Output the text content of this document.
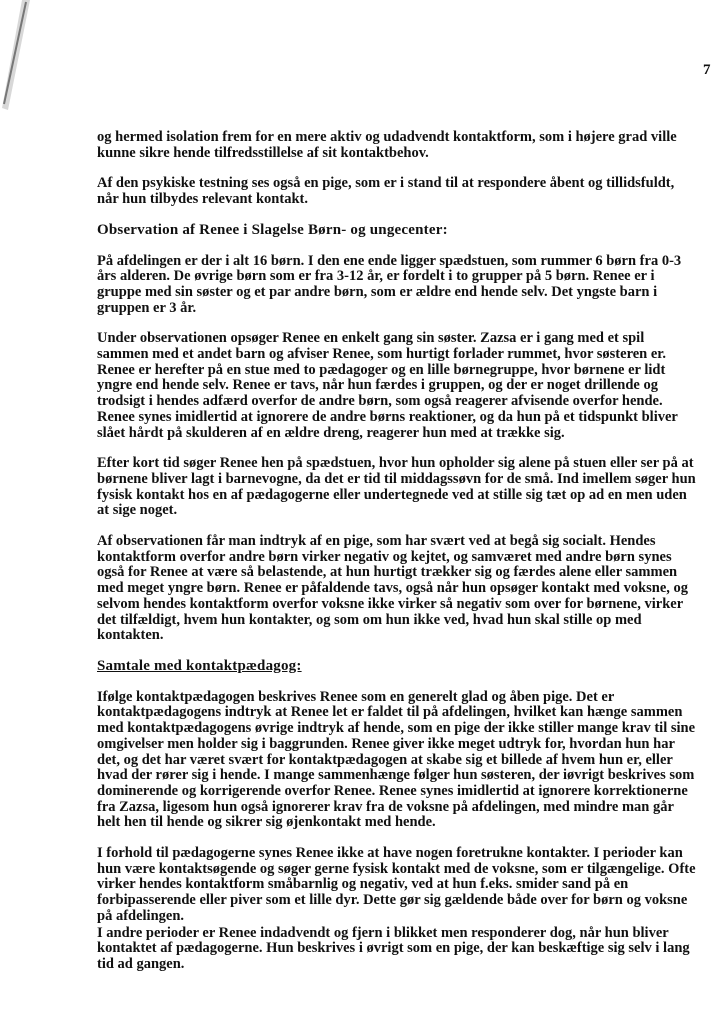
7

og hermed isolation frem for en mere aktiv og udadvendt kontaktform, som i højere grad ville kunne sikre hende tilfredsstillelse af sit kontaktbehov.

Af den psykiske testning ses også en pige, som er i stand til at respondere åbent og tillidsfuldt, når hun tilbydes relevant kontakt.

Observation af Renee i Slagelse Børn- og ungecenter:

På afdelingen er der i alt 16 børn. I den ene ende ligger spædstuen, som rummer 6 børn fra 0-3 års alderen. De øvrige børn som er fra 3-12 år, er fordelt i to grupper på 5 børn. Renee er i gruppe med sin søster og et par andre børn, som er ældre end hende selv. Det yngste barn i gruppen er 3 år.

Under observationen opsøger Renee en enkelt gang sin søster. Zazsa er i gang med et spil sammen med et andet barn og afviser Renee, som hurtigt forlader rummet, hvor søsteren er. Renee er herefter på en stue med to pædagoger og en lille børnegruppe, hvor børnene er lidt yngre end hende selv. Renee er tavs, når hun færdes i gruppen, og der er noget drillende og trodsigt i hendes adfærd overfor de andre børn, som også reagerer afvisende overfor hende. Renee synes imidlertid at ignorere de andre børns reaktioner, og da hun på et tidspunkt bliver slået hårdt på skulderen af en ældre dreng, reagerer hun med at trække sig.

Efter kort tid søger Renee hen på spædstuen, hvor hun opholder sig alene på stuen eller ser på at børnene bliver lagt i barnevogne, da det er tid til middagssøvn for de små. Ind imellem søger hun fysisk kontakt hos en af pædagogerne eller undertegnede ved at stille sig tæt op ad en men uden at sige noget.

Af observationen får man indtryk af en pige, som har svært ved at begå sig socialt. Hendes kontaktform overfor andre børn virker negativ og kejtet, og samværet med andre børn synes også for Renee at være så belastende, at hun hurtigt trækker sig og færdes alene eller sammen med meget yngre børn. Renee er påfaldende tavs, også når hun opsøger kontakt med voksne, og selvom hendes kontaktform overfor voksne ikke virker så negativ som over for børnene, virker det tilfældigt, hvem hun kontakter, og som om hun ikke ved, hvad hun skal stille op med kontakten.

Samtale med kontaktpædagog:

Ifølge kontaktpædagogen beskrives Renee som en generelt glad og åben pige. Det er kontaktpædagogens indtryk at Renee let er faldet til på afdelingen, hvilket kan hænge sammen med kontaktpædagogens øvrige indtryk af hende, som en pige der ikke stiller mange krav til sine omgivelser men holder sig i baggrunden. Renee giver ikke meget udtryk for, hvordan hun har det, og det har været svært for kontaktpædagogen at skabe sig et billede af hvem hun er, eller hvad der rører sig i hende. I mange sammenhænge følger hun søsteren, der iøvrigt beskrives som dominerende og korrigerende overfor Renee. Renee synes imidlertid at ignorere korrektionerne fra Zazsa, ligesom hun også ignorerer krav fra de voksne på afdelingen, med mindre man går helt hen til hende og sikrer sig øjenkontakt med hende.

I forhold til pædagogerne synes Renee ikke at have nogen foretrukne kontakter. I perioder kan hun være kontaktsøgende og søger gerne fysisk kontakt med de voksne, som er tilgængelige. Ofte virker hendes kontaktform småbarnlig og negativ, ved at hun f.eks. smider sand på en forbipasserende eller piver som et lille dyr. Dette gør sig gældende både over for børn og voksne på afdelingen.

I andre perioder er Renee indadvendt og fjern i blikket men responderer dog, når hun bliver kontaktet af pædagogerne. Hun beskrives i øvrigt som en pige, der kan beskæftige sig selv i lang tid ad gangen.
